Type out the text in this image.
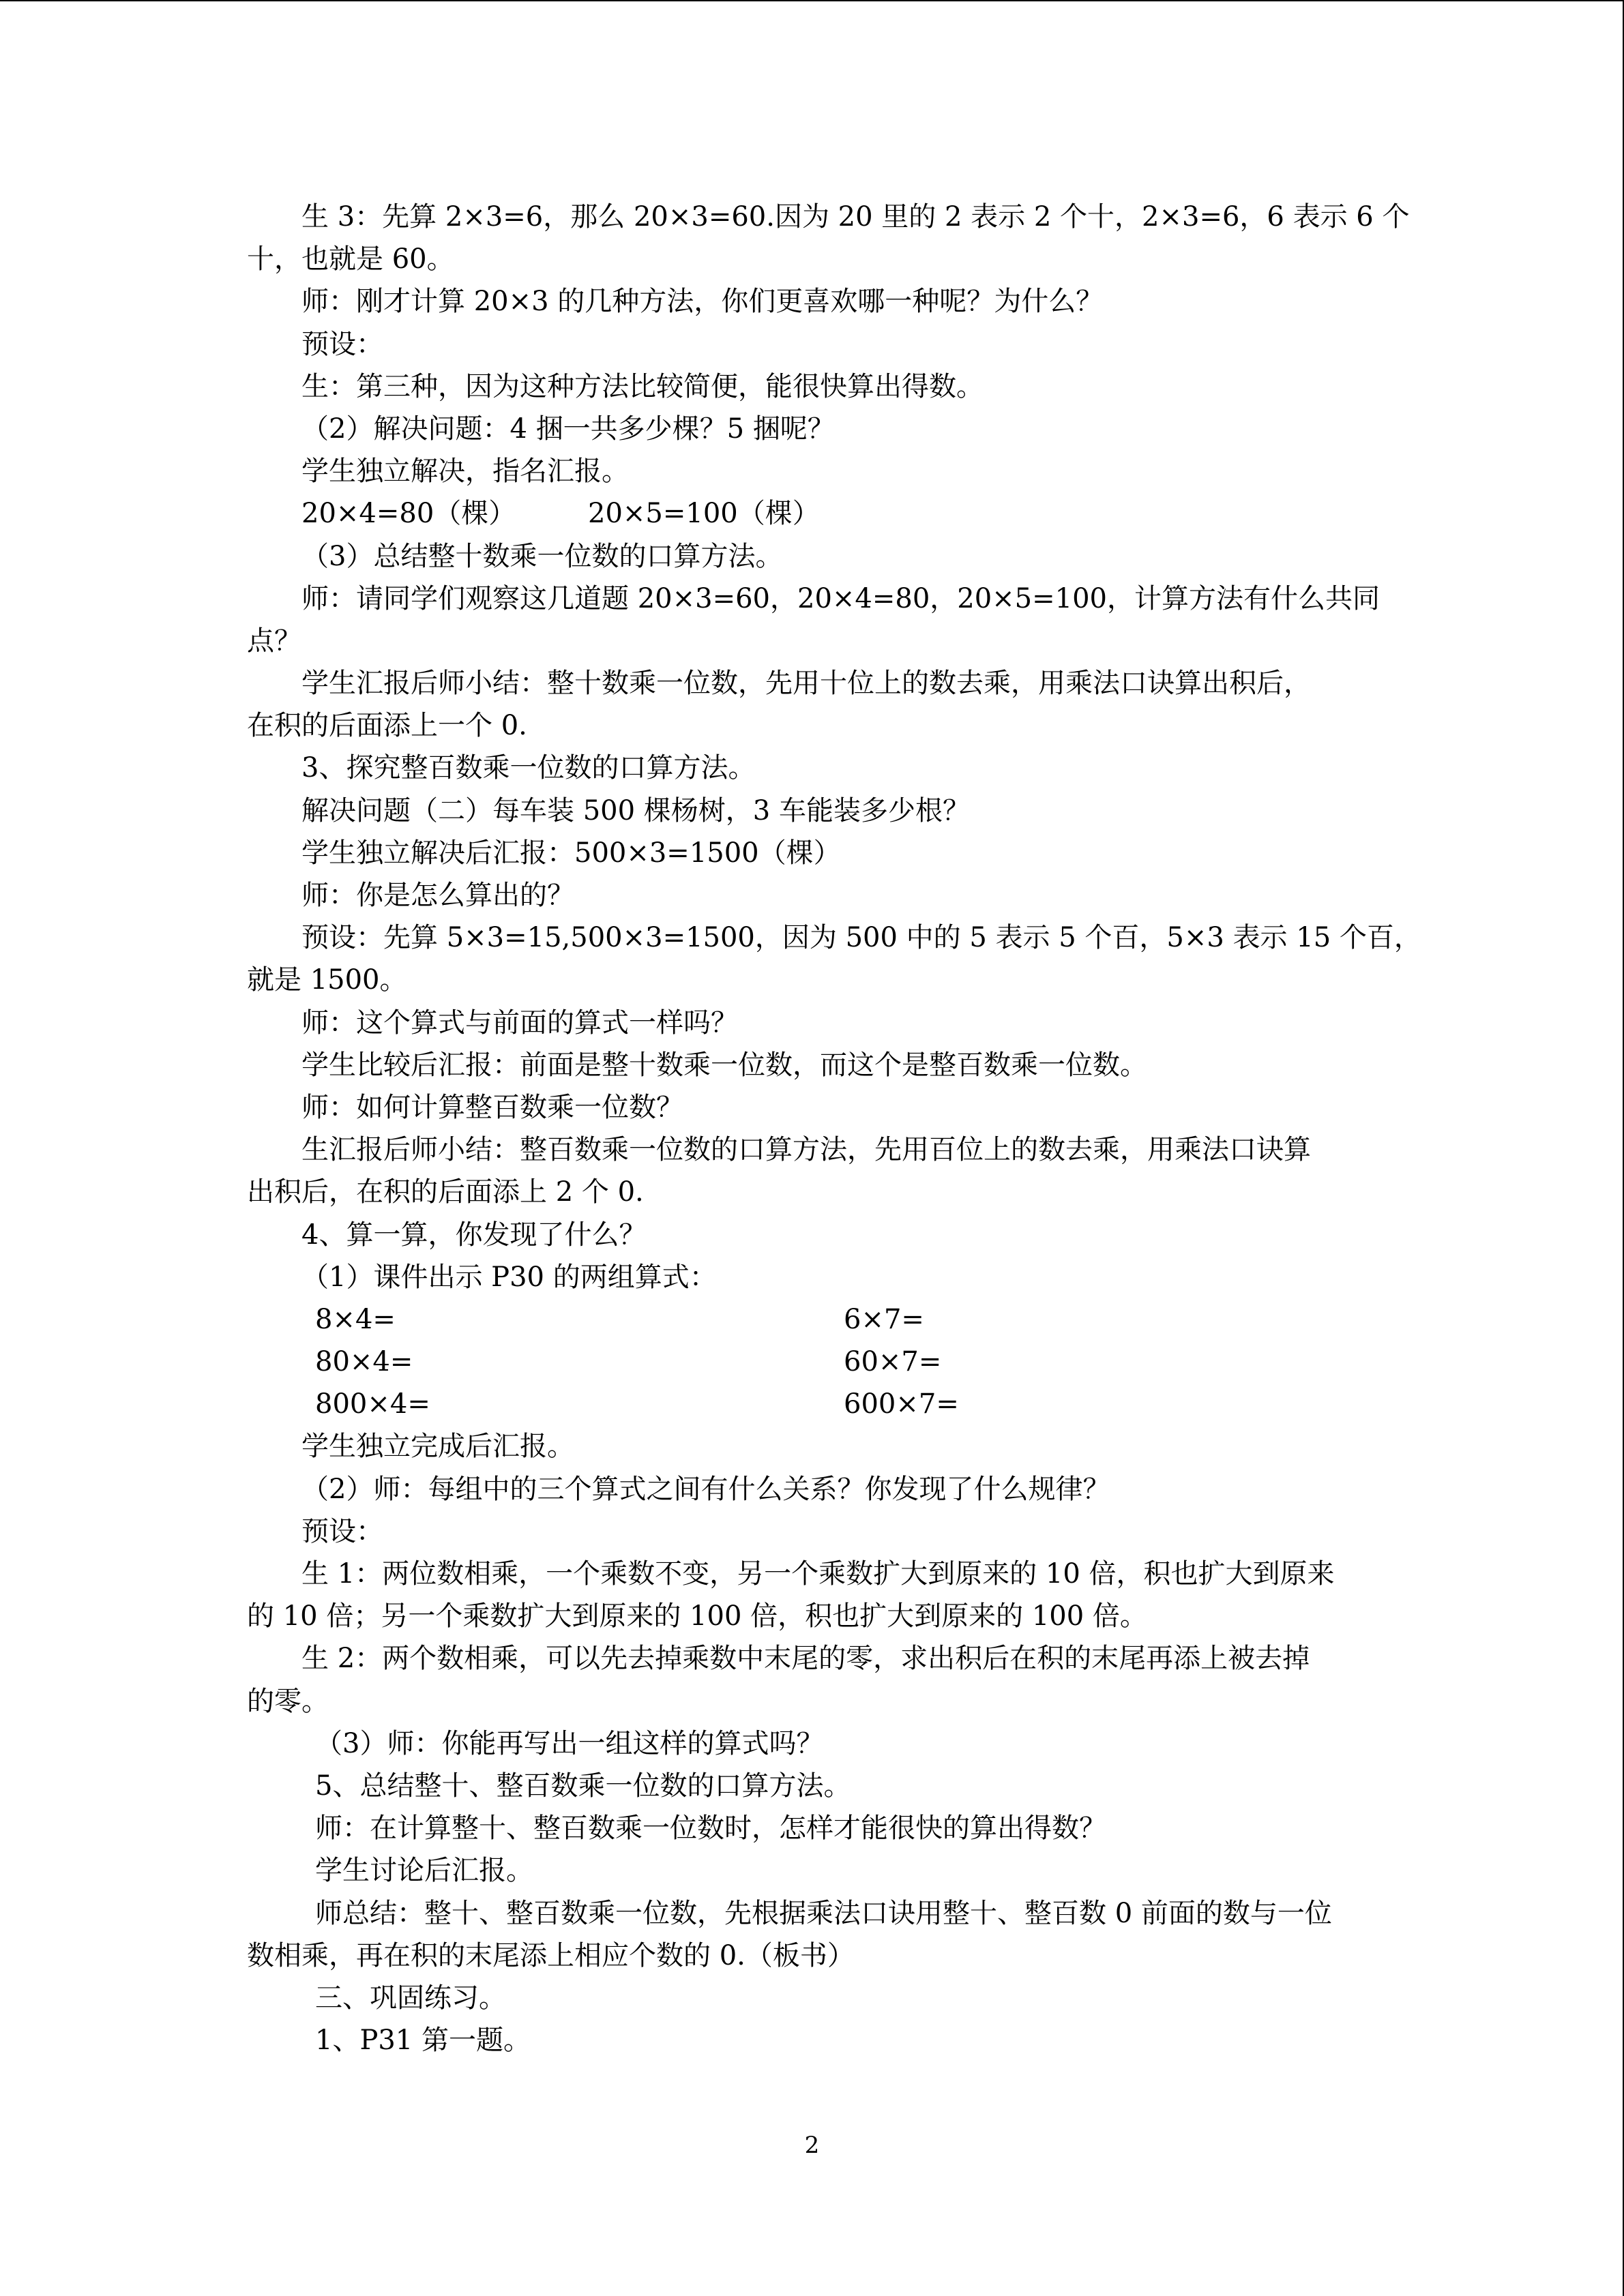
生 3：先算 2×3=6，那么 20×3=60.因为 20 里的 2 表示 2 个十，2×3=6，6 表示 6 个
十，也就是 60。
师：刚才计算 20×3 的几种方法，你们更喜欢哪一种呢？为什么？
预设：
生：第三种，因为这种方法比较简便，能很快算出得数。
（2）解决问题：4 捆一共多少棵？5 捆呢？
学生独立解决，指名汇报。
20×4=80（棵）	20×5=100（棵）
（3）总结整十数乘一位数的口算方法。
师：请同学们观察这几道题 20×3=60，20×4=80，20×5=100，计算方法有什么共同
点？
学生汇报后师小结：整十数乘一位数，先用十位上的数去乘，用乘法口诀算出积后，
在积的后面添上一个 0.
3、探究整百数乘一位数的口算方法。
解决问题（二）每车装 500 棵杨树，3 车能装多少根？
学生独立解决后汇报：500×3=1500（棵）
师：你是怎么算出的？
预设：先算 5×3=15,500×3=1500，因为 500 中的 5 表示 5 个百，5×3 表示 15 个百，
就是 1500。
师：这个算式与前面的算式一样吗？
学生比较后汇报：前面是整十数乘一位数，而这个是整百数乘一位数。
师：如何计算整百数乘一位数？
生汇报后师小结：整百数乘一位数的口算方法，先用百位上的数去乘，用乘法口诀算
出积后，在积的后面添上 2 个 0.
4、算一算，你发现了什么？
（1）课件出示 P30 的两组算式：
8×4=	6×7=
80×4=	60×7=
800×4=	600×7=
学生独立完成后汇报。
（2）师：每组中的三个算式之间有什么关系？你发现了什么规律？
预设：
生 1：两位数相乘，一个乘数不变，另一个乘数扩大到原来的 10 倍，积也扩大到原来
的 10 倍；另一个乘数扩大到原来的 100 倍，积也扩大到原来的 100 倍。
生 2：两个数相乘，可以先去掉乘数中末尾的零，求出积后在积的末尾再添上被去掉
的零。
（3）师：你能再写出一组这样的算式吗？
5、总结整十、整百数乘一位数的口算方法。
师：在计算整十、整百数乘一位数时，怎样才能很快的算出得数？
学生讨论后汇报。
师总结：整十、整百数乘一位数，先根据乘法口诀用整十、整百数 0 前面的数与一位
数相乘，再在积的末尾添上相应个数的 0.（板书）
三、巩固练习。
1、P31 第一题。
2
